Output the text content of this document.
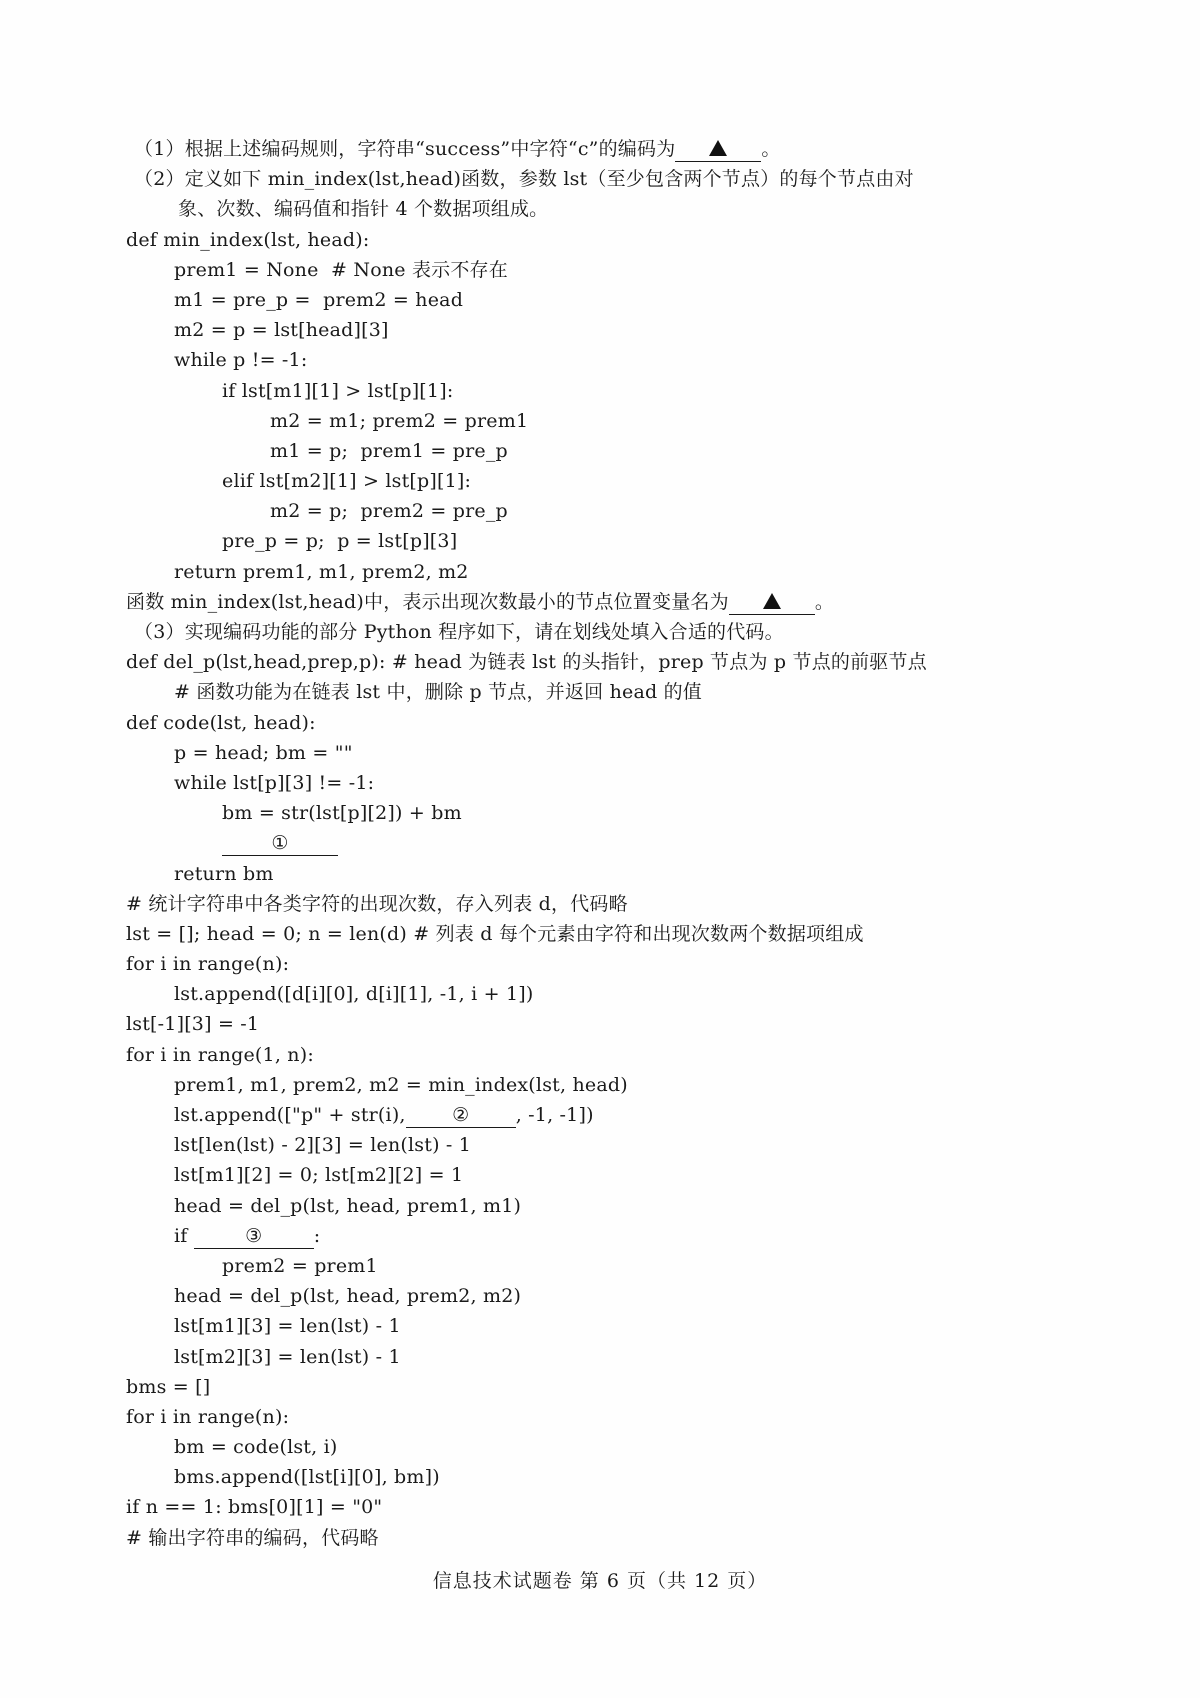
（1）根据上述编码规则，字符串“success”中字符“c”的编码为	。
（2）定义如下 min_index(lst,head)函数，参数 lst（至少包含两个节点）的每个节点由对
象、次数、编码值和指针 4 个数据项组成。
def min_index(lst, head):
prem1 = None  # None 表示不存在
m1 = pre_p =  prem2 = head
m2 = p = lst[head][3]
while p != -1:
if lst[m1][1] > lst[p][1]:
m2 = m1; prem2 = prem1
m1 = p;  prem1 = pre_p
elif lst[m2][1] > lst[p][1]:
m2 = p;  prem2 = pre_p
pre_p = p;  p = lst[p][3]
return prem1, m1, prem2, m2
函数 min_index(lst,head)中，表示出现次数最小的节点位置变量名为	。
（3）实现编码功能的部分 Python 程序如下，请在划线处填入合适的代码。
def del_p(lst,head,prep,p): # head 为链表 lst 的头指针，prep 节点为 p 节点的前驱节点
# 函数功能为在链表 lst 中，删除 p 节点，并返回 head 的值
def code(lst, head):
p = head; bm = ""
while lst[p][3] != -1:
bm = str(lst[p][2]) + bm
①
return bm
# 统计字符串中各类字符的出现次数，存入列表 d，代码略
lst = []; head = 0; n = len(d) # 列表 d 每个元素由字符和出现次数两个数据项组成
for i in range(n):
lst.append([d[i][0], d[i][1], -1, i + 1])
lst[-1][3] = -1
for i in range(1, n):
prem1, m1, prem2, m2 = min_index(lst, head)
lst.append(["p" + str(i), ② , -1, -1])
lst[len(lst) - 2][3] = len(lst) - 1
lst[m1][2] = 0; lst[m2][2] = 1
head = del_p(lst, head, prem1, m1)
if	③	:
prem2 = prem1
head = del_p(lst, head, prem2, m2)
lst[m1][3] = len(lst) - 1
lst[m2][3] = len(lst) - 1
bms = []
for i in range(n):
bm = code(lst, i)
bms.append([lst[i][0], bm])
if n == 1: bms[0][1] = "0"
# 输出字符串的编码，代码略
信息技术试题卷 第 6 页（共 12 页）
